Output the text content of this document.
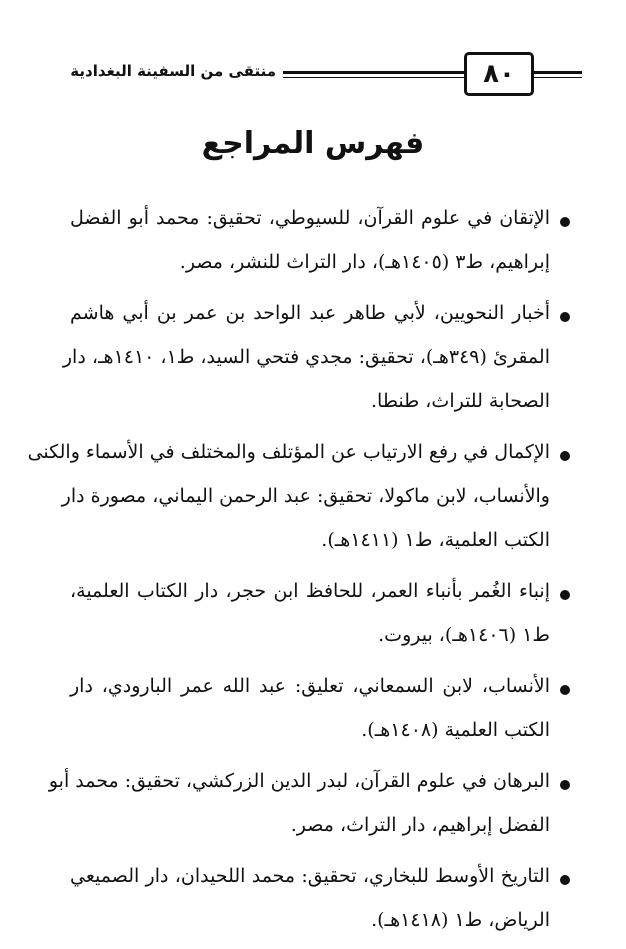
منتقى من السفينة البغدادية	٨٠
فهرس المراجع
الإتقان في علوم القرآن، للسيوطي، تحقيق: محمد أبو الفضل
إبراهيم، ط٣ (١٤٠٥هـ)، دار التراث للنشر، مصر.
أخبار النحويين، لأبي طاهر عبد الواحد بن عمر بن أبي هاشم
المقرئ (٣٤٩هـ)، تحقيق: مجدي فتحي السيد، ط١، ١٤١٠هـ، دار
الصحابة للتراث، طنطا.
الإكمال في رفع الارتياب عن المؤتلف والمختلف في الأسماء والكنى
والأنساب، لابن ماكولا، تحقيق: عبد الرحمن اليماني، مصورة دار
الكتب العلمية، ط١ (١٤١١هـ).
إنباء الغُمر بأنباء العمر، للحافظ ابن حجر، دار الكتاب العلمية،
ط١ (١٤٠٦هـ)، بيروت.
الأنساب، لابن السمعاني، تعليق: عبد الله عمر البارودي، دار
الكتب العلمية (١٤٠٨هـ).
البرهان في علوم القرآن، لبدر الدين الزركشي، تحقيق: محمد أبو
الفضل إبراهيم، دار التراث، مصر.
التاريخ الأوسط للبخاري، تحقيق: محمد اللحيدان، دار الصميعي
الرياض، ط١ (١٤١٨هـ).
